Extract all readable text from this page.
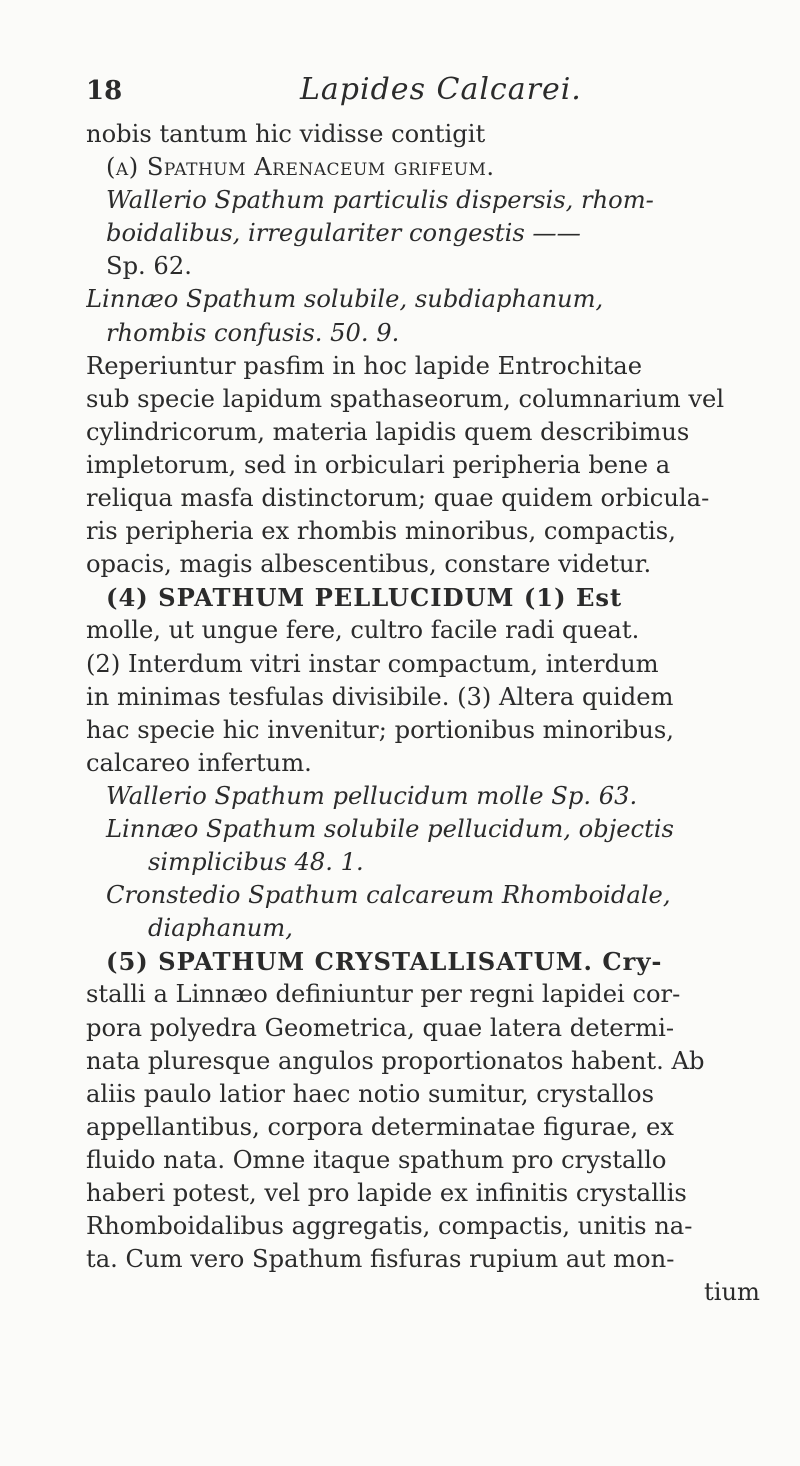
18	Lapides Calcarei.
nobis tantum hic vidisse contigit
(a) Spathum Arenaceum grifeum.
Wallerio Spathum particulis dispersis, rhom-
boidalibus, irregulariter congestis ——
Sp. 62.
Linnæo Spathum solubile, subdiaphanum,
rhombis confusis. 50. 9.
Reperiuntur pasfim in hoc lapide Entrochitae
sub specie lapidum spathaseorum, columnarium vel
cylindricorum, materia lapidis quem describimus
impletorum, sed in orbiculari peripheria bene a
reliqua masfa distinctorum; quae quidem orbicula-
ris peripheria ex rhombis minoribus, compactis,
opacis, magis albescentibus, constare videtur.
(4) SPATHUM PELLUCIDUM (1) Est
molle, ut ungue fere, cultro facile radi queat.
(2) Interdum vitri instar compactum, interdum
in minimas tesfulas divisibile. (3) Altera quidem
hac specie hic invenitur; portionibus minoribus,
calcareo infertum.
Wallerio Spathum pellucidum molle Sp. 63.
Linnæo Spathum solubile pellucidum, objectis
simplicibus 48. 1.
Cronstedio Spathum calcareum Rhomboidale,
diaphanum,
(5) SPATHUM CRYSTALLISATUM. Cry-
stalli a Linnæo definiuntur per regni lapidei cor-
pora polyedra Geometrica, quae latera determi-
nata pluresque angulos proportionatos habent. Ab
aliis paulo latior haec notio sumitur, crystallos
appellantibus, corpora determinatae figurae, ex
fluido nata. Omne itaque spathum pro crystallo
haberi potest, vel pro lapide ex infinitis crystallis
Rhomboidalibus aggregatis, compactis, unitis na-
ta. Cum vero Spathum fisfuras rupium aut mon-
tium
